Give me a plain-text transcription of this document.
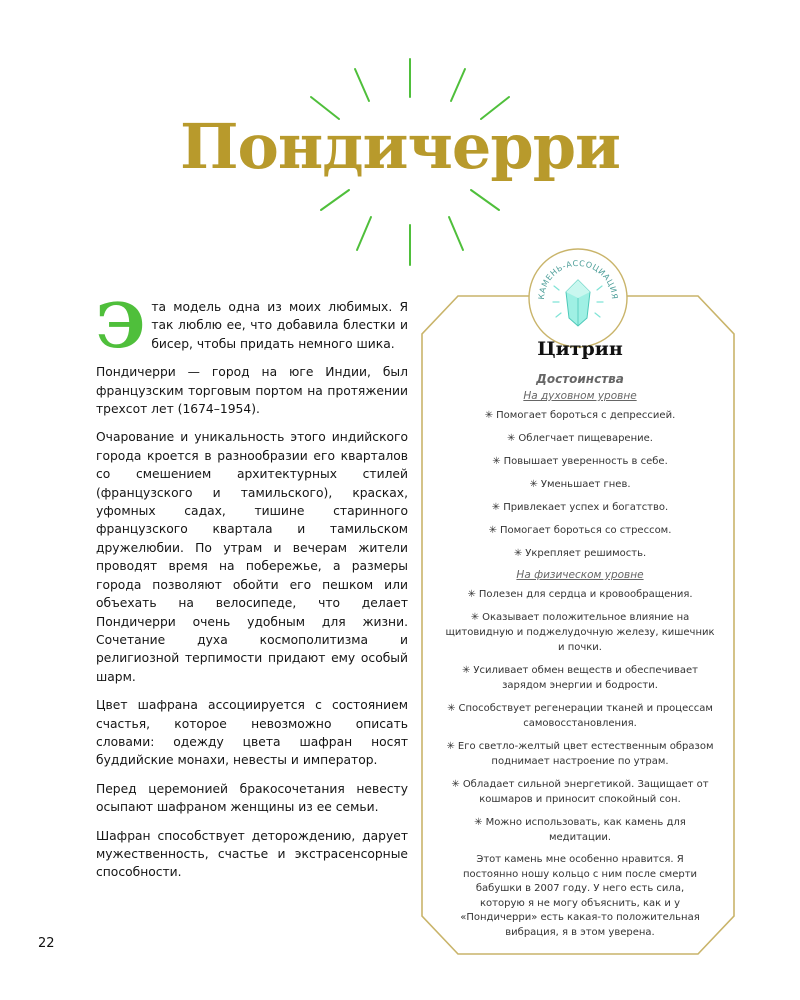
Пондичерри

Э та модель одна из моих любимых. Я так люблю ее, что добавила блестки и бисер, чтобы придать немного шика.

Пондичерри — город на юге Индии, был французским торговым портом на протяжении трехсот лет (1674–1954).

Очарование и уникальность этого индийского города кроется в разнообразии его кварталов со смешением архитектурных стилей (французского и тамильского), красках, уфомных садах, тишине старинного французского квартала и тамильском дружелюбии. По утрам и вечерам жители проводят время на побережье, а размеры города позволяют обойти его пешком или объехать на велосипеде, что делает Пондичерри очень удобным для жизни. Сочетание духа космополитизма и религиозной терпимости придают ему особый шарм.

Цвет шафрана ассоциируется с состоянием счастья, которое невозможно описать словами: одежду цвета шафран носят буддийские монахи, невесты и император.

Перед церемонией бракосочетания невесту осыпают шафраном женщины из ее семьи.

Шафран способствует деторождению, дарует мужественность, счастье и экстрасенсорные способности.

22
КАМЕНЬ-АССОЦИАЦИЯ
Цитрин
Достоинства
На духовном уровне
✳ Помогает бороться с депрессией.
✳ Облегчает пищеварение.
✳ Повышает уверенность в себе.
✳ Уменьшает гнев.
✳ Привлекает успех и богатство.
✳ Помогает бороться со стрессом.
✳ Укрепляет решимость.
На физическом уровне
✳ Полезен для сердца и кровообращения.
✳ Оказывает положительное влияние на щитовидную и поджелудочную железу, кишечник и почки.
✳ Усиливает обмен веществ и обеспечивает зарядом энергии и бодрости.
✳ Способствует регенерации тканей и процессам самовосстановления.
✳ Его светло-желтый цвет естественным образом поднимает настроение по утрам.
✳ Обладает сильной энергетикой. Защищает от кошмаров и приносит спокойный сон.
✳ Можно использовать, как камень для медитации.
Этот камень мне особенно нравится. Я постоянно ношу кольцо с ним после смерти бабушки в 2007 году. У него есть сила, которую я не могу объяснить, как и у «Пондичерри» есть какая-то положительная вибрация, я в этом уверена.
